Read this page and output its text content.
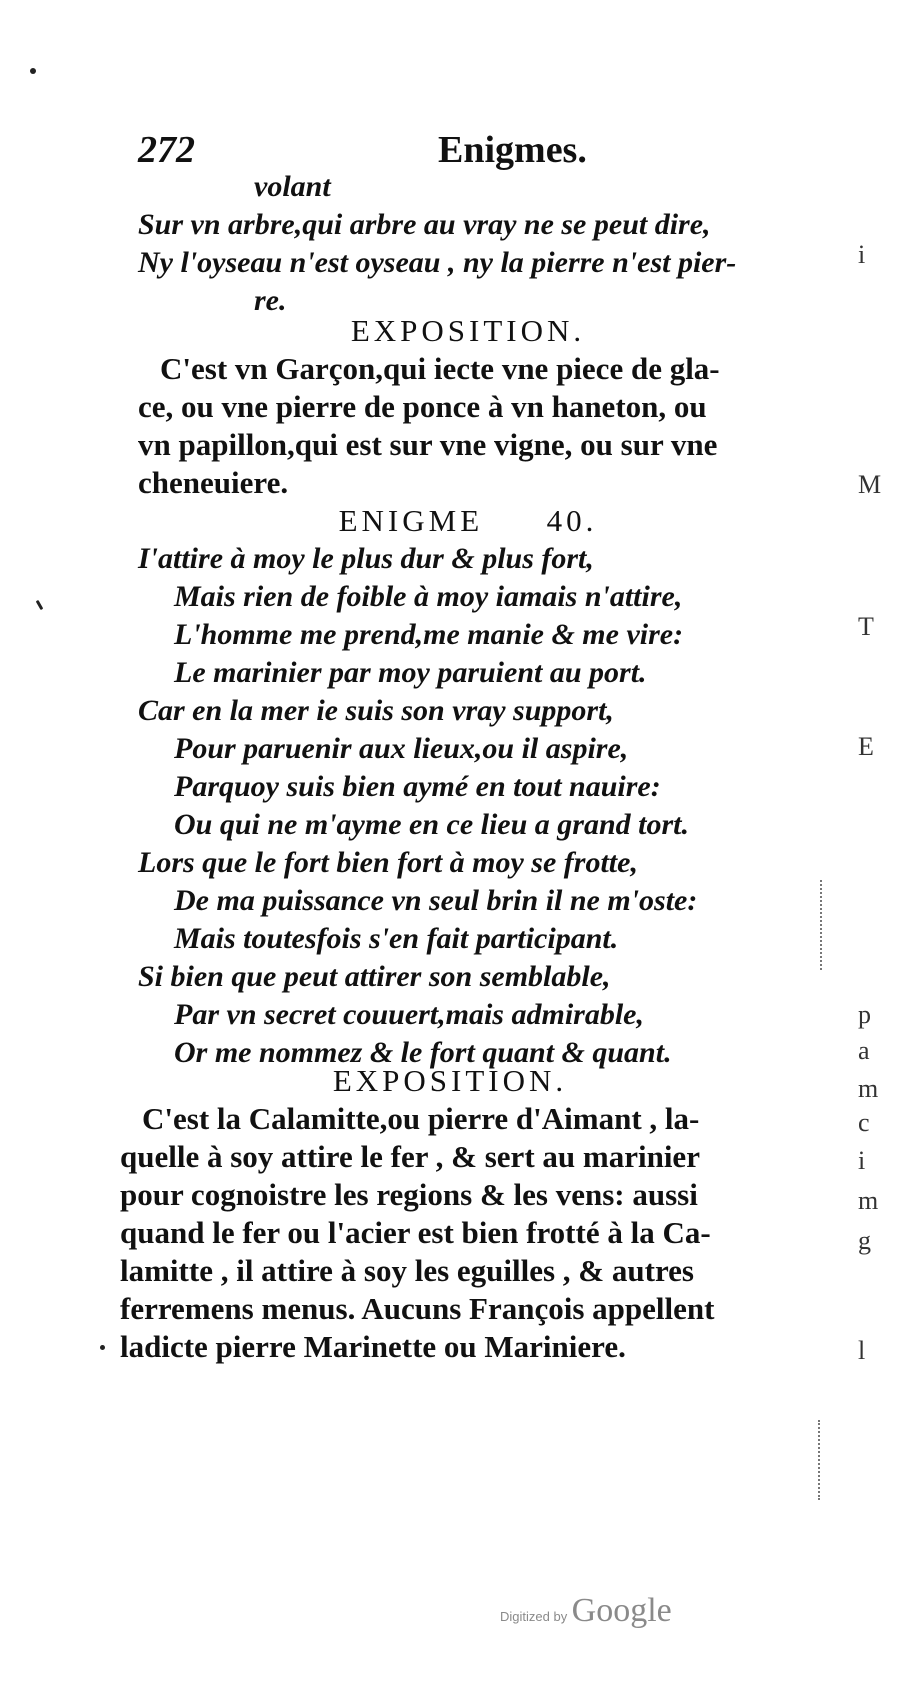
272	Enigmes.
volant
Sur vn arbre,qui arbre au vray ne se peut dire,
Ny l'oyseau n'est oyseau , ny la pierre n'est pier-
re.
EXPOSITION.
C'est vn Garçon,qui iecte vne piece de gla-
ce, ou vne pierre de ponce à vn haneton, ou
vn papillon,qui est sur vne vigne, ou sur vne
cheneuiere.
ENIGME 40.
I'attire à moy le plus dur & plus fort,
Mais rien de foible à moy iamais n'attire,
L'homme me prend,me manie & me vire:
Le marinier par moy paruient au port.
Car en la mer ie suis son vray support,
Pour paruenir aux lieux,ou il aspire,
Parquoy suis bien aymé en tout nauire:
Ou qui ne m'ayme en ce lieu a grand tort.
Lors que le fort bien fort à moy se frotte,
De ma puissance vn seul brin il ne m'oste:
Mais toutesfois s'en fait participant.
Si bien que peut attirer son semblable,
Par vn secret couuert,mais admirable,
Or me nommez & le fort quant & quant.
EXPOSITION.
C'est la Calamitte,ou pierre d'Aimant , la-
quelle à soy attire le fer , & sert au marinier
pour cognoistre les regions & les vens: aussi
quand le fer ou l'acier est bien frotté à la Ca-
lamitte , il attire à soy les eguilles , & autres
ferremens menus. Aucuns François appellent
ladicte pierre Marinette ou Mariniere.
i
M
T
E
p
a
m
c
i
m
g
l
Digitized by Google
